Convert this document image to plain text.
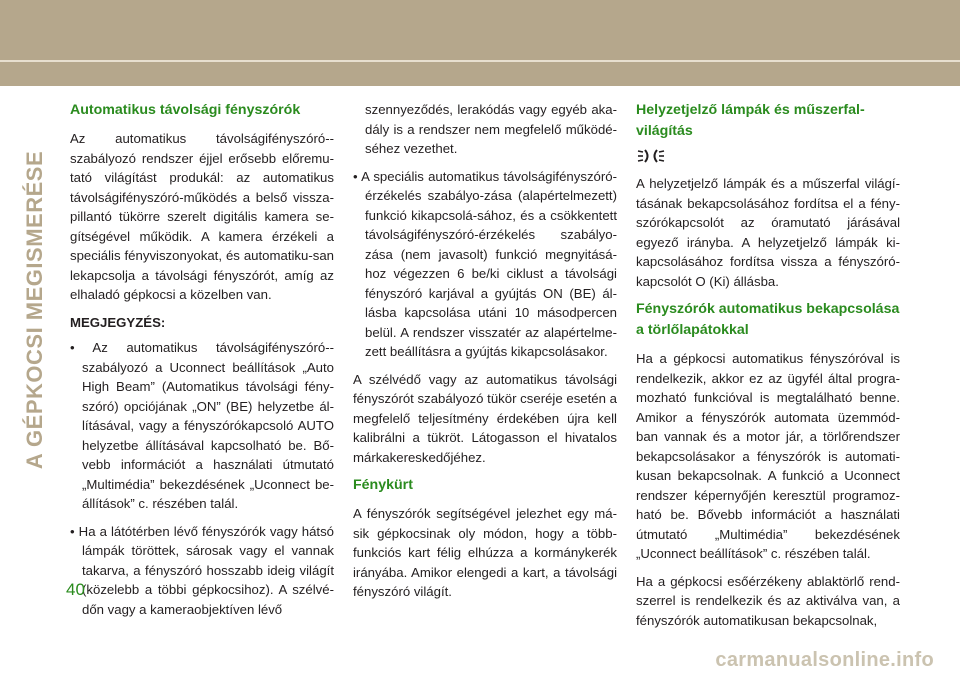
A GÉPKOCSI MEGISMERÉSE
Automatikus távolsági fényszórók

Az automatikus távolságifényszóró--szabályozó rendszer éjjel erősebb előremu-tató világítást produkál: az automatikus távolságifényszóró-működés a belső vissza-pillantó tükörre szerelt digitális kamera se-gítségével működik. A kamera érzékeli a speciális fényviszonyokat, és automatiku-san lekapcsolja a távolsági fényszórót, amíg az elhaladó gépkocsi a közelben van.

MEGJEGYZÉS:

• Az automatikus távolságifényszóró--szabályozó a Uconnect beállítások „Auto High Beam” (Automatikus távolsági fény-szóró) opciójának „ON” (BE) helyzetbe ál-lításával, vagy a fényszórókapcsoló AUTO helyzetbe állításával kapcsolható be. Bő-vebb információt a használati útmutató „Multimédia” bekezdésének „Uconnect be-állítások” c. részében talál.

• Ha a látótérben lévő fényszórók vagy hátsó lámpák töröttek, sárosak vagy el vannak takarva, a fényszóró hosszabb ideig világít (közelebb a többi gépkocsihoz). A szélvé-dőn vagy a kameraobjektíven lévő

szennyeződés, lerakódás vagy egyéb aka-dály is a rendszer nem megfelelő működé-séhez vezethet.

• A speciális automatikus távolságifényszóró-érzékelés szabályo-zása (alapértelmezett) funkció kikapcsolá-sához, és a csökkentett távolságifényszóró-érzékelés szabályo-zása (nem javasolt) funkció megnyitásá-hoz végezzen 6 be/ki ciklust a távolsági fényszóró karjával a gyújtás ON (BE) ál-lásba kapcsolása utáni 10 másodpercen belül. A rendszer visszatér az alapértelme-zett beállításra a gyújtás kikapcsolásakor.

A szélvédő vagy az automatikus távolsági fényszórót szabályozó tükör cseréje esetén a megfelelő teljesítmény érdekében újra kell kalibrálni a tükröt. Látogasson el hivatalos márkakereskedőjéhez.

Fénykürt

A fényszórók segítségével jelezhet egy má-sik gépkocsinak oly módon, hogy a több-funkciós kart félig elhúzza a kormánykerék irányába. Amikor elengedi a kart, a távolsági fényszóró világít.

Helyzetjelző lámpák és műszerfal-világítás

A helyzetjelző lámpák és a műszerfal világí-tásának bekapcsolásához fordítsa el a fény-szórókapcsolót az óramutató járásával egyező irányba. A helyzetjelző lámpák ki-kapcsolásához fordítsa vissza a fényszóró-kapcsolót O (Ki) állásba.

Fényszórók automatikus bekapcsolása a törlőlapátokkal

Ha a gépkocsi automatikus fényszóróval is rendelkezik, akkor ez az ügyfél által progra-mozható funkcióval is megtalálható benne. Amikor a fényszórók automata üzemmód-ban vannak és a motor jár, a törlőrendszer bekapcsolásakor a fényszórók is automati-kusan bekapcsolnak. A funkció a Uconnect rendszer képernyőjén keresztül programoz-ható be. Bővebb információt a használati útmutató „Multimédia” bekezdésének „Uconnect beállítások” c. részében talál.

Ha a gépkocsi esőérzékeny ablaktörlő rend-szerrel is rendelkezik és az aktiválva van, a fényszórók automatikusan bekapcsolnak,

40
carmanualsonline.info
